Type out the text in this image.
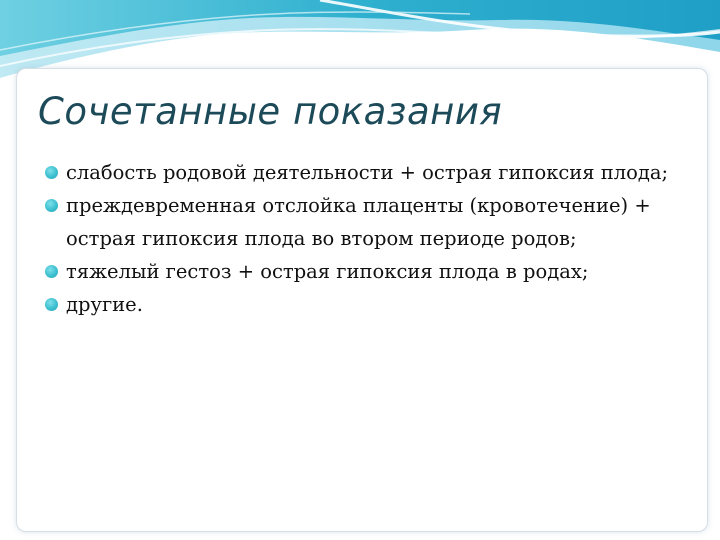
Сочетанные показания
слабость родовой деятельности + острая гипоксия плода;
преждевременная отслойка плаценты (кровотечение) + острая гипоксия плода во втором периоде родов;
тяжелый гестоз + острая гипоксия плода в родах;
другие.
